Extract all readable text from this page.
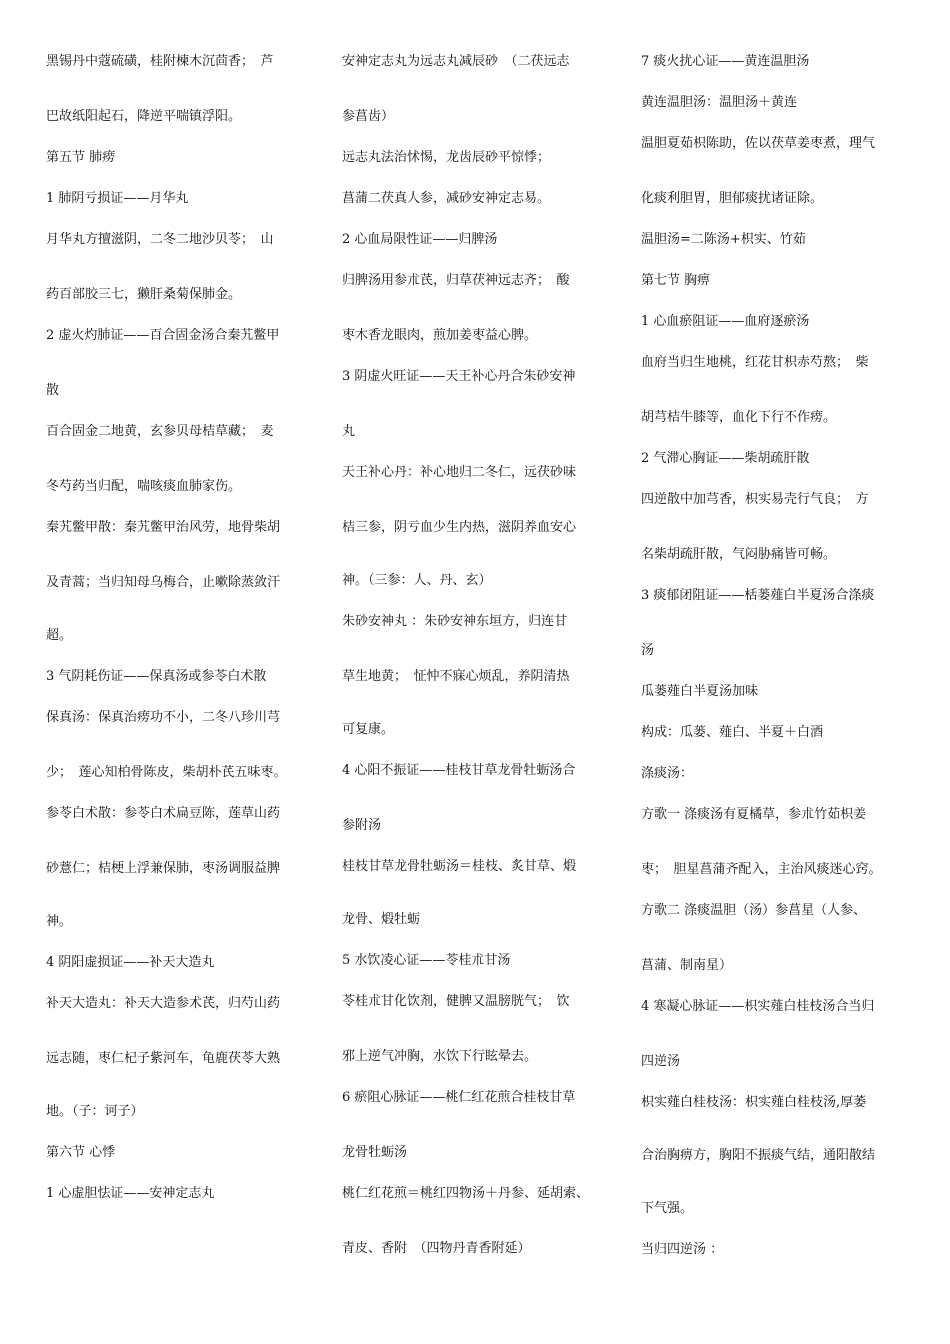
黑锡丹中蔻硫磺，桂附楝木沉茴香；　芦
巴故纸阳起石，降逆平喘镇浮阳。
第五节 肺痨
1 肺阴亏损证——月华丸
月华丸方擅滋阴，二冬二地沙贝苓；　山
药百部胶三七，獭肝桑菊保肺金。
2 虚火灼肺证——百合固金汤合秦艽鳖甲
散
百合固金二地黄，玄参贝母桔草藏；　麦
冬芍药当归配，喘咳痰血肺家伤。
秦艽鳖甲散：秦艽鳖甲治风劳，地骨柴胡
及青蒿；当归知母乌梅合，止嗽除蒸敛汗
超。
3 气阴耗伤证——保真汤或参苓白术散
保真汤：保真治痨功不小，二冬八珍川芎
少；　莲心知柏骨陈皮，柴胡朴芪五味枣。
参苓白术散：参苓白术扁豆陈，莲草山药
砂薏仁；桔梗上浮兼保肺，枣汤调服益脾
神。
4 阴阳虚损证——补天大造丸
补天大造丸：补天大造参术芪，归芍山药
远志随，枣仁杞子紫河车，龟鹿茯苓大熟
地。（子：诃子）
第六节 心悸
1 心虚胆怯证——安神定志丸
安神定志丸为远志丸减辰砂　（二茯远志
参菖齿）
远志丸法治怵惕，龙齿辰砂平惊悸；
菖蒲二茯真人参，减砂安神定志易。
2 心血局限性证——归脾汤
归脾汤用参朮芪，归草茯神远志齐；　酸
枣木香龙眼肉，煎加姜枣益心脾。
3 阴虚火旺证——天王补心丹合朱砂安神
丸
天王补心丹：补心地归二冬仁，远茯砂味
桔三参，阴亏血少生内热，滋阴养血安心
神。（三参：人、丹、玄）
朱砂安神丸 ：朱砂安神东垣方，归连甘
草生地黄；　怔忡不寐心烦乱，养阴清热
可复康。
4 心阳不振证——桂枝甘草龙骨牡蛎汤合
参附汤
桂枝甘草龙骨牡蛎汤＝桂枝、炙甘草、煅
龙骨、煅牡蛎
5 水饮凌心证——苓桂朮甘汤
苓桂朮甘化饮剂，健脾又温膀胱气；　饮
邪上逆气冲胸，水饮下行眩晕去。
6 瘀阻心脉证——桃仁红花煎合桂枝甘草
龙骨牡蛎汤
桃仁红花煎＝桃红四物汤＋丹参、延胡索、
青皮、香附　（四物丹青香附延）
7 痰火扰心证——黄连温胆汤
黄连温胆汤：温胆汤＋黄连
温胆夏茹枳陈助，佐以茯草姜枣煮，理气
化痰利胆胃，胆郁痰扰诸证除。
温胆汤=二陈汤+枳实、竹茹
第七节 胸痹
1 心血瘀阻证——血府逐瘀汤
血府当归生地桃，红花甘枳赤芍熬；　柴
胡芎桔牛膝等，血化下行不作痨。
2 气滞心胸证——柴胡疏肝散
四逆散中加芎香，枳实易壳行气良；　方
名柴胡疏肝散，气闷胁痛皆可畅。
3 痰郁闭阻证——栝蒌薤白半夏汤合涤痰
汤
瓜蒌薤白半夏汤加味
构成：瓜蒌、薤白、半夏＋白酒
涤痰汤：
方歌一 涤痰汤有夏橘草，参朮竹茹枳姜
枣；　胆星菖蒲齐配入，主治风痰迷心窍。
方歌二 涤痰温胆（汤）参菖星（人参、
菖蒲、制南星）
4 寒凝心脉证——枳实薤白桂枝汤合当归
四逆汤
枳实薤白桂枝汤：枳实薤白桂枝汤,厚萎
合治胸痹方，胸阳不振痰气结，通阳散结
下气强。
当归四逆汤 ：
